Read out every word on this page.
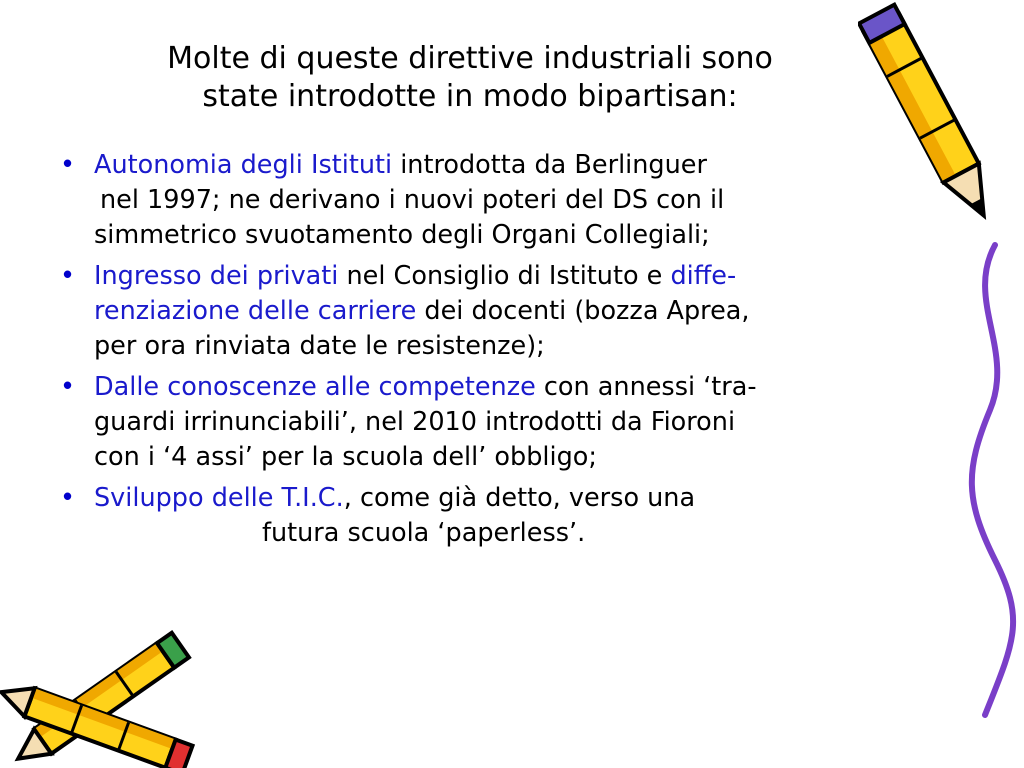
Molte di queste direttive industriali sono
state introdotte in modo bipartisan:
• Autonomia degli Istituti introdotta da Berlinguer
nel 1997; ne derivano i nuovi poteri del DS con il
simmetrico svuotamento degli Organi Collegiali;
• Ingresso dei privati nel Consiglio di Istituto e diffe-
renziazione delle carriere dei docenti (bozza Aprea,
per ora rinviata date le resistenze);
• Dalle conoscenze alle competenze con annessi ‘tra-
guardi irrinunciabili’, nel 2010 introdotti da Fioroni
con i ‘4 assi’ per la scuola dell’ obbligo;
• Sviluppo delle T.I.C., come già detto, verso una
futura scuola ‘paperless’.
